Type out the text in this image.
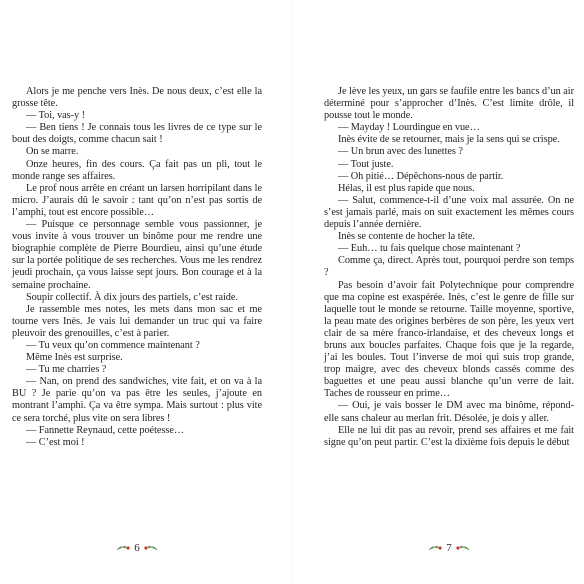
Alors je me penche vers Inès. De nous deux, c’est elle la grosse tête.

— Toi, vas-y !

— Ben tiens ! Je connais tous les livres de ce type sur le bout des doigts, comme chacun sait !

On se marre.

Onze heures, fin des cours. Ça fait pas un pli, tout le monde range ses affaires.

Le prof nous arrête en créant un larsen horripilant dans le micro. J’aurais dû le savoir : tant qu’on n’est pas sortis de l’amphi, tout est encore possible…

— Puisque ce personnage semble vous passionner, je vous invite à vous trouver un binôme pour me rendre une biographie complète de Pierre Bourdieu, ainsi qu’une étude sur la portée politique de ses recherches. Vous me les rendrez jeudi prochain, ça vous laisse sept jours. Bon courage et à la semaine prochaine.

Soupir collectif. À dix jours des partiels, c’est raide.

Je rassemble mes notes, les mets dans mon sac et me tourne vers Inès. Je vais lui demander un truc qui va faire pleuvoir des grenouilles, c’est à parier.

— Tu veux qu’on commence maintenant ?

Même Inès est surprise.

— Tu me charries ?

— Nan, on prend des sandwiches, vite fait, et on va à la BU ? Je parie qu’on va pas être les seules, j’ajoute en montrant l’amphi. Ça va être sympa. Mais surtout : plus vite ce sera torché, plus vite on sera libres !

— Fannette Reynaud, cette poétesse…

— C’est moi !

6

Je lève les yeux, un gars se faufile entre les bancs d’un air déterminé pour s’approcher d’Inès. C’est limite drôle, il pousse tout le monde.

— Mayday ! Lourdingue en vue…

Inès évite de se retourner, mais je la sens qui se crispe.

— Un brun avec des lunettes ?

— Tout juste.

— Oh pitié… Dépêchons-nous de partir.

Hélas, il est plus rapide que nous.

— Salut, commence-t-il d’une voix mal assurée. On ne s’est jamais parlé, mais on suit exactement les mêmes cours depuis l’année dernière.

Inès se contente de hocher la tête.

— Euh… tu fais quelque chose maintenant ?

Comme ça, direct. Après tout, pourquoi perdre son temps ?

Pas besoin d’avoir fait Polytechnique pour comprendre que ma copine est exaspérée. Inès, c’est le genre de fille sur laquelle tout le monde se retourne. Taille moyenne, sportive, la peau mate des origines berbères de son père, les yeux vert clair de sa mère franco-irlandaise, et des cheveux longs et bruns aux boucles parfaites. Chaque fois que je la regarde, j’ai les boules. Tout l’inverse de moi qui suis trop grande, trop maigre, avec des cheveux blonds cassés comme des baguettes et une peau aussi blanche qu’un verre de lait. Taches de rousseur en prime…

— Oui, je vais bosser le DM avec ma binôme, répond-elle sans chaleur au merlan frit. Désolée, je dois y aller.

Elle ne lui dit pas au revoir, prend ses affaires et me fait signe qu’on peut partir. C’est la dixième fois depuis le début

7
